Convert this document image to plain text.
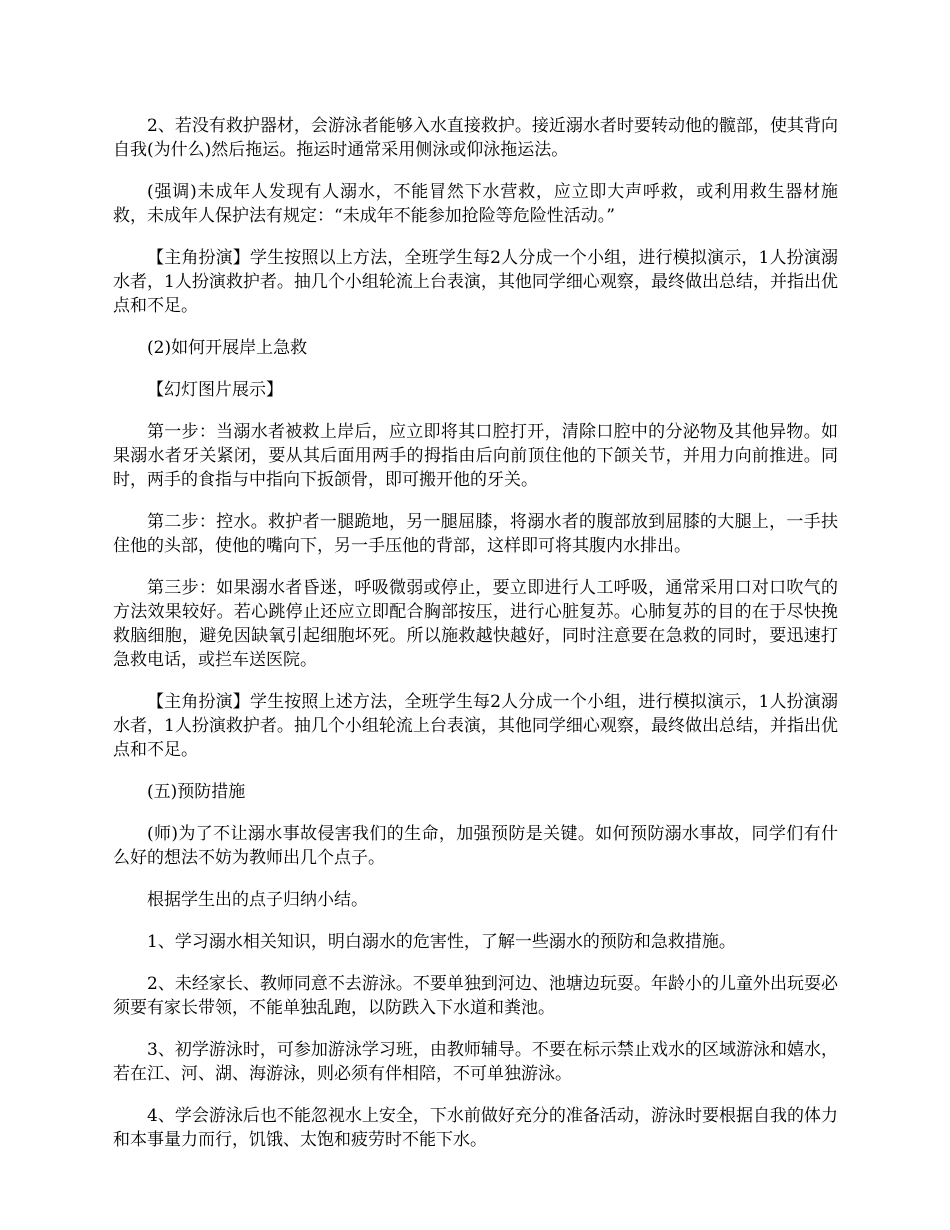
2、若没有救护器材，会游泳者能够入水直接救护。接近溺水者时要转动他的髋部，使其背向自我(为什么)然后拖运。拖运时通常采用侧泳或仰泳拖运法。

(强调)未成年人发现有人溺水，不能冒然下水营救，应立即大声呼救，或利用救生器材施救，未成年人保护法有规定：“未成年不能参加抢险等危险性活动。”

【主角扮演】学生按照以上方法，全班学生每2人分成一个小组，进行模拟演示，1人扮演溺水者，1人扮演救护者。抽几个小组轮流上台表演，其他同学细心观察，最终做出总结，并指出优点和不足。

(2)如何开展岸上急救

【幻灯图片展示】

第一步：当溺水者被救上岸后，应立即将其口腔打开，清除口腔中的分泌物及其他异物。如果溺水者牙关紧闭，要从其后面用两手的拇指由后向前顶住他的下颌关节，并用力向前推进。同时，两手的食指与中指向下扳颌骨，即可搬开他的牙关。

第二步：控水。救护者一腿跪地，另一腿屈膝，将溺水者的腹部放到屈膝的大腿上，一手扶住他的头部，使他的嘴向下，另一手压他的背部，这样即可将其腹内水排出。

第三步：如果溺水者昏迷，呼吸微弱或停止，要立即进行人工呼吸，通常采用口对口吹气的方法效果较好。若心跳停止还应立即配合胸部按压，进行心脏复苏。心肺复苏的目的在于尽快挽救脑细胞，避免因缺氧引起细胞坏死。所以施救越快越好，同时注意要在急救的同时，要迅速打急救电话，或拦车送医院。

【主角扮演】学生按照上述方法，全班学生每2人分成一个小组，进行模拟演示，1人扮演溺水者，1人扮演救护者。抽几个小组轮流上台表演，其他同学细心观察，最终做出总结，并指出优点和不足。

(五)预防措施

(师)为了不让溺水事故侵害我们的生命，加强预防是关键。如何预防溺水事故，同学们有什么好的想法不妨为教师出几个点子。

根据学生出的点子归纳小结。

1、学习溺水相关知识，明白溺水的危害性，了解一些溺水的预防和急救措施。

2、未经家长、教师同意不去游泳。不要单独到河边、池塘边玩耍。年龄小的儿童外出玩耍必须要有家长带领，不能单独乱跑，以防跌入下水道和粪池。

3、初学游泳时，可参加游泳学习班，由教师辅导。不要在标示禁止戏水的区域游泳和嬉水，若在江、河、湖、海游泳，则必须有伴相陪，不可单独游泳。

4、学会游泳后也不能忽视水上安全，下水前做好充分的准备活动，游泳时要根据自我的体力和本事量力而行，饥饿、太饱和疲劳时不能下水。
